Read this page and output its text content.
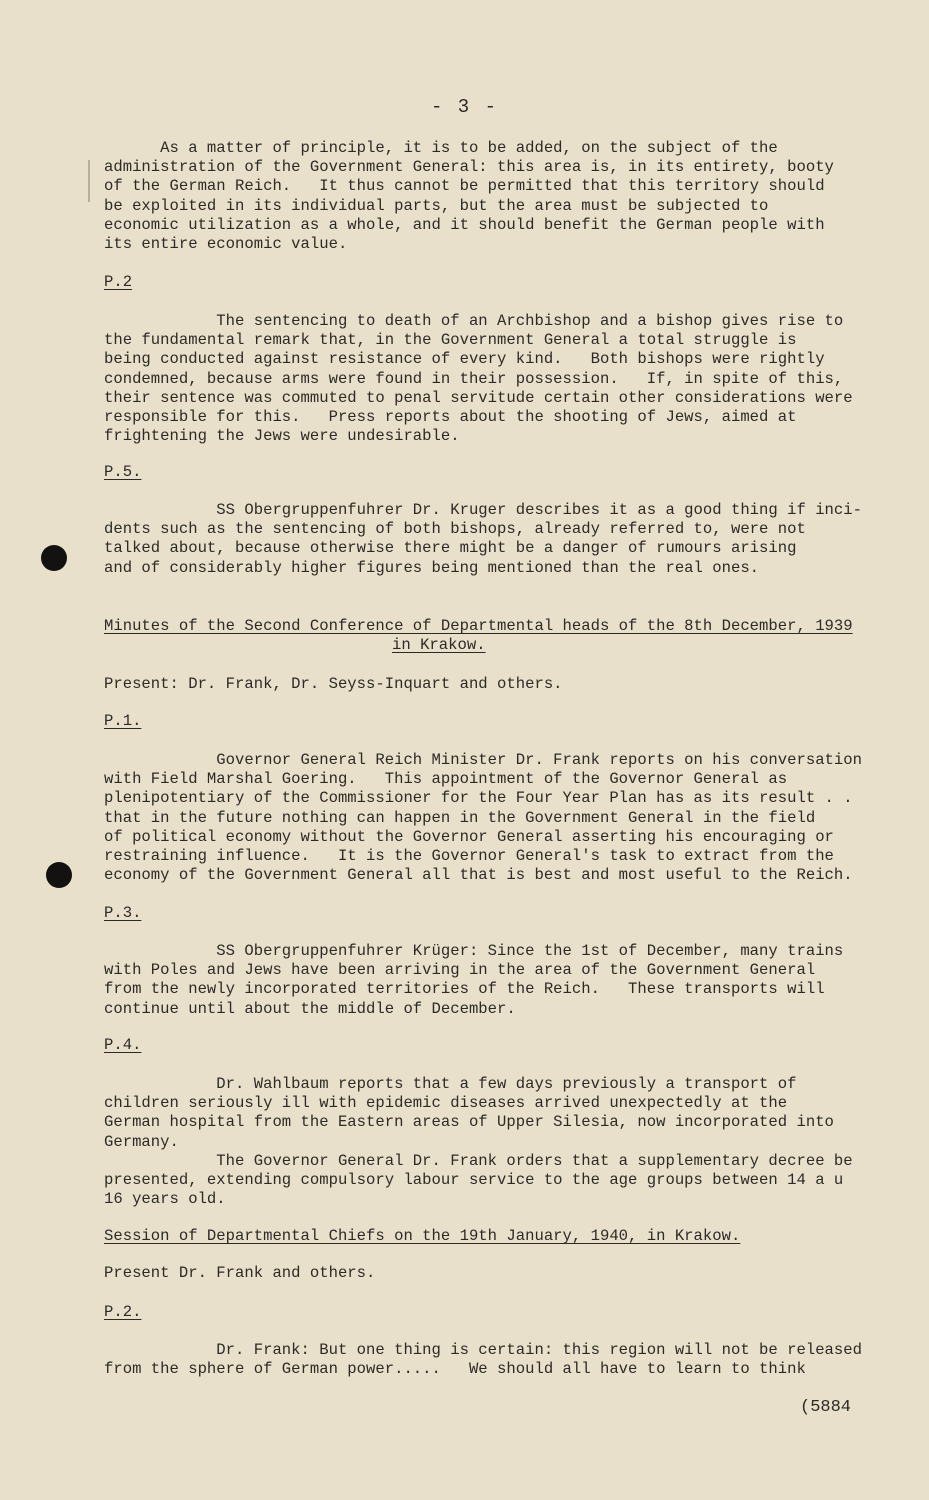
- 3 -

As a matter of principle, it is to be added, on the subject of the
administration of the Government General: this area is, in its entirety, booty
of the German Reich.   It thus cannot be permitted that this territory should
be exploited in its individual parts, but the area must be subjected to
economic utilization as a whole, and it should benefit the German people with
its entire economic value.

P.2

The sentencing to death of an Archbishop and a bishop gives rise to
the fundamental remark that, in the Government General a total struggle is
being conducted against resistance of every kind.   Both bishops were rightly
condemned, because arms were found in their possession.   If, in spite of this,
their sentence was commuted to penal servitude certain other considerations were
responsible for this.   Press reports about the shooting of Jews, aimed at
frightening the Jews were undesirable.

P.5.

SS Obergruppenfuhrer Dr. Kruger describes it as a good thing if inci-
dents such as the sentencing of both bishops, already referred to, were not
talked about, because otherwise there might be a danger of rumours arising
and of considerably higher figures being mentioned than the real ones.

Minutes of the Second Conference of Departmental heads of the 8th December, 1939

in Krakow.

Present: Dr. Frank, Dr. Seyss-Inquart and others.

P.1.

Governor General Reich Minister Dr. Frank reports on his conversation
with Field Marshal Goering.   This appointment of the Governor General as
plenipotentiary of the Commissioner for the Four Year Plan has as its result . .
that in the future nothing can happen in the Government General in the field
of political economy without the Governor General asserting his encouraging or
restraining influence.   It is the Governor General's task to extract from the
economy of the Government General all that is best and most useful to the Reich.

P.3.

SS Obergruppenfuhrer Krüger: Since the 1st of December, many trains
with Poles and Jews have been arriving in the area of the Government General
from the newly incorporated territories of the Reich.   These transports will
continue until about the middle of December.

P.4.

Dr. Wahlbaum reports that a few days previously a transport of
children seriously ill with epidemic diseases arrived unexpectedly at the
German hospital from the Eastern areas of Upper Silesia, now incorporated into
Germany.
The Governor General Dr. Frank orders that a supplementary decree be
presented, extending compulsory labour service to the age groups between 14 a u
16 years old.

Session of Departmental Chiefs on the 19th January, 1940, in Krakow.

Present Dr. Frank and others.

P.2.

Dr. Frank: But one thing is certain: this region will not be released
from the sphere of German power.....   We should all have to learn to think

(5884
